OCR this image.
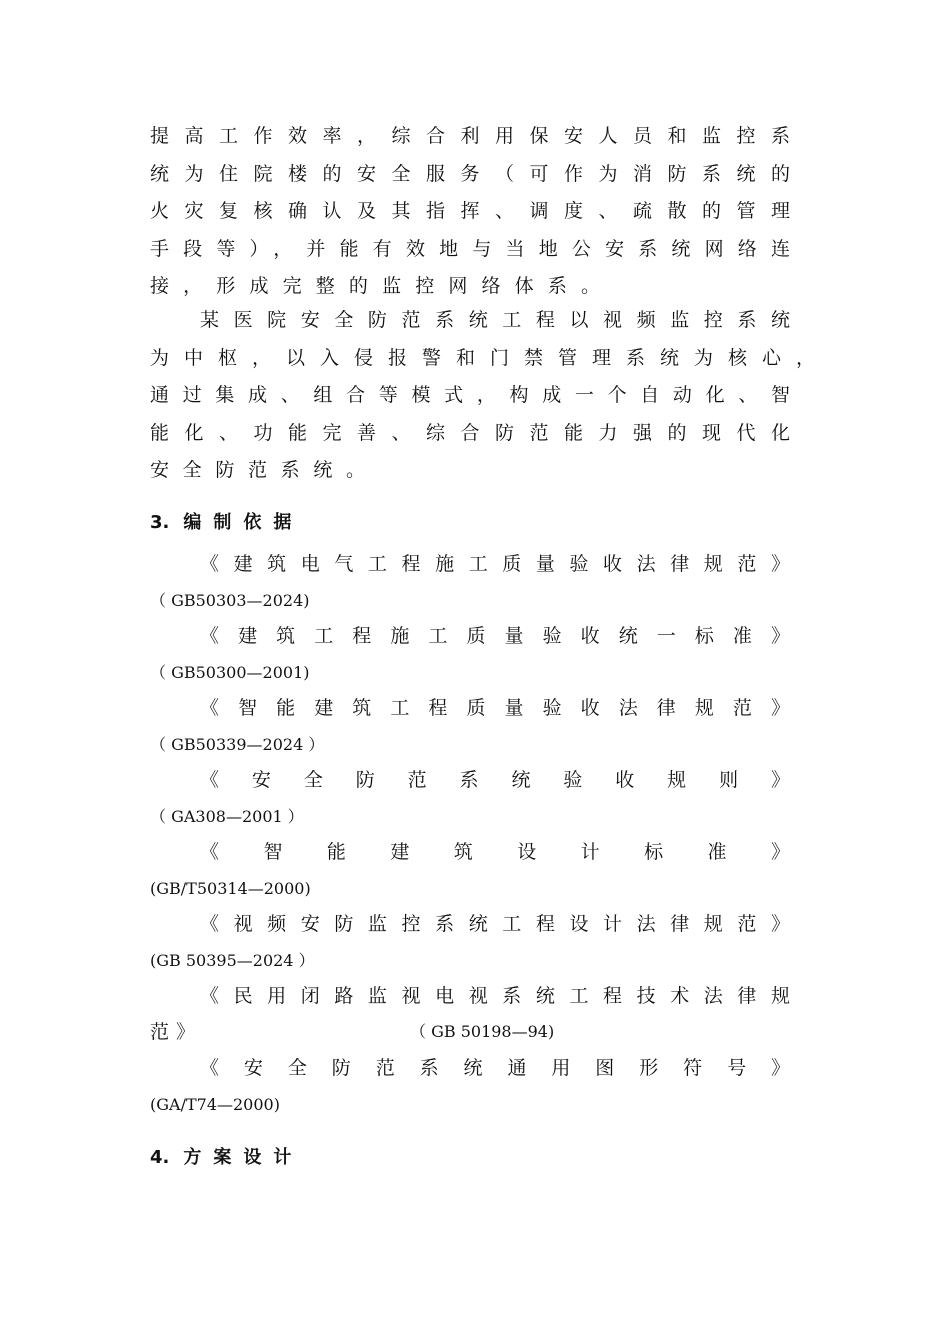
提高工作效率，综合利用保安人员和监控系
统为住院楼的安全服务（可作为消防系统的
火灾复核确认及其指挥、调度、疏散的管理
手段等），并能有效地与当地公安系统网络连
接，形成完整的监控网络体系。
某医院安全防范系统工程以视频监控系统
为中枢，以入侵报警和门禁管理系统为核心，
通过集成、组合等模式，构成一个自动化、智
能化、功能完善、综合防范能力强的现代化
安全防范系统。
3. 编制依据
《建筑电气工程施工质量验收法律规范》
（ GB50303—2024)
《建筑工程施工质量验收统一标准》
（ GB50300—2001)
《智能建筑工程质量验收法律规范》
（ GB50339—2024 ）
《安全防范系统验收规则》
（ GA308—2001 ）
《智能建筑设计标准》
(GB/T50314—2000)
《视频安防监控系统工程设计法律规范》
(GB 50395—2024 ）
《民用闭路监视电视系统工程技术法律规
范》	（ GB 50198—94)
《安全防范系统通用图形符号》
(GA/T74—2000)
4. 方案设计
